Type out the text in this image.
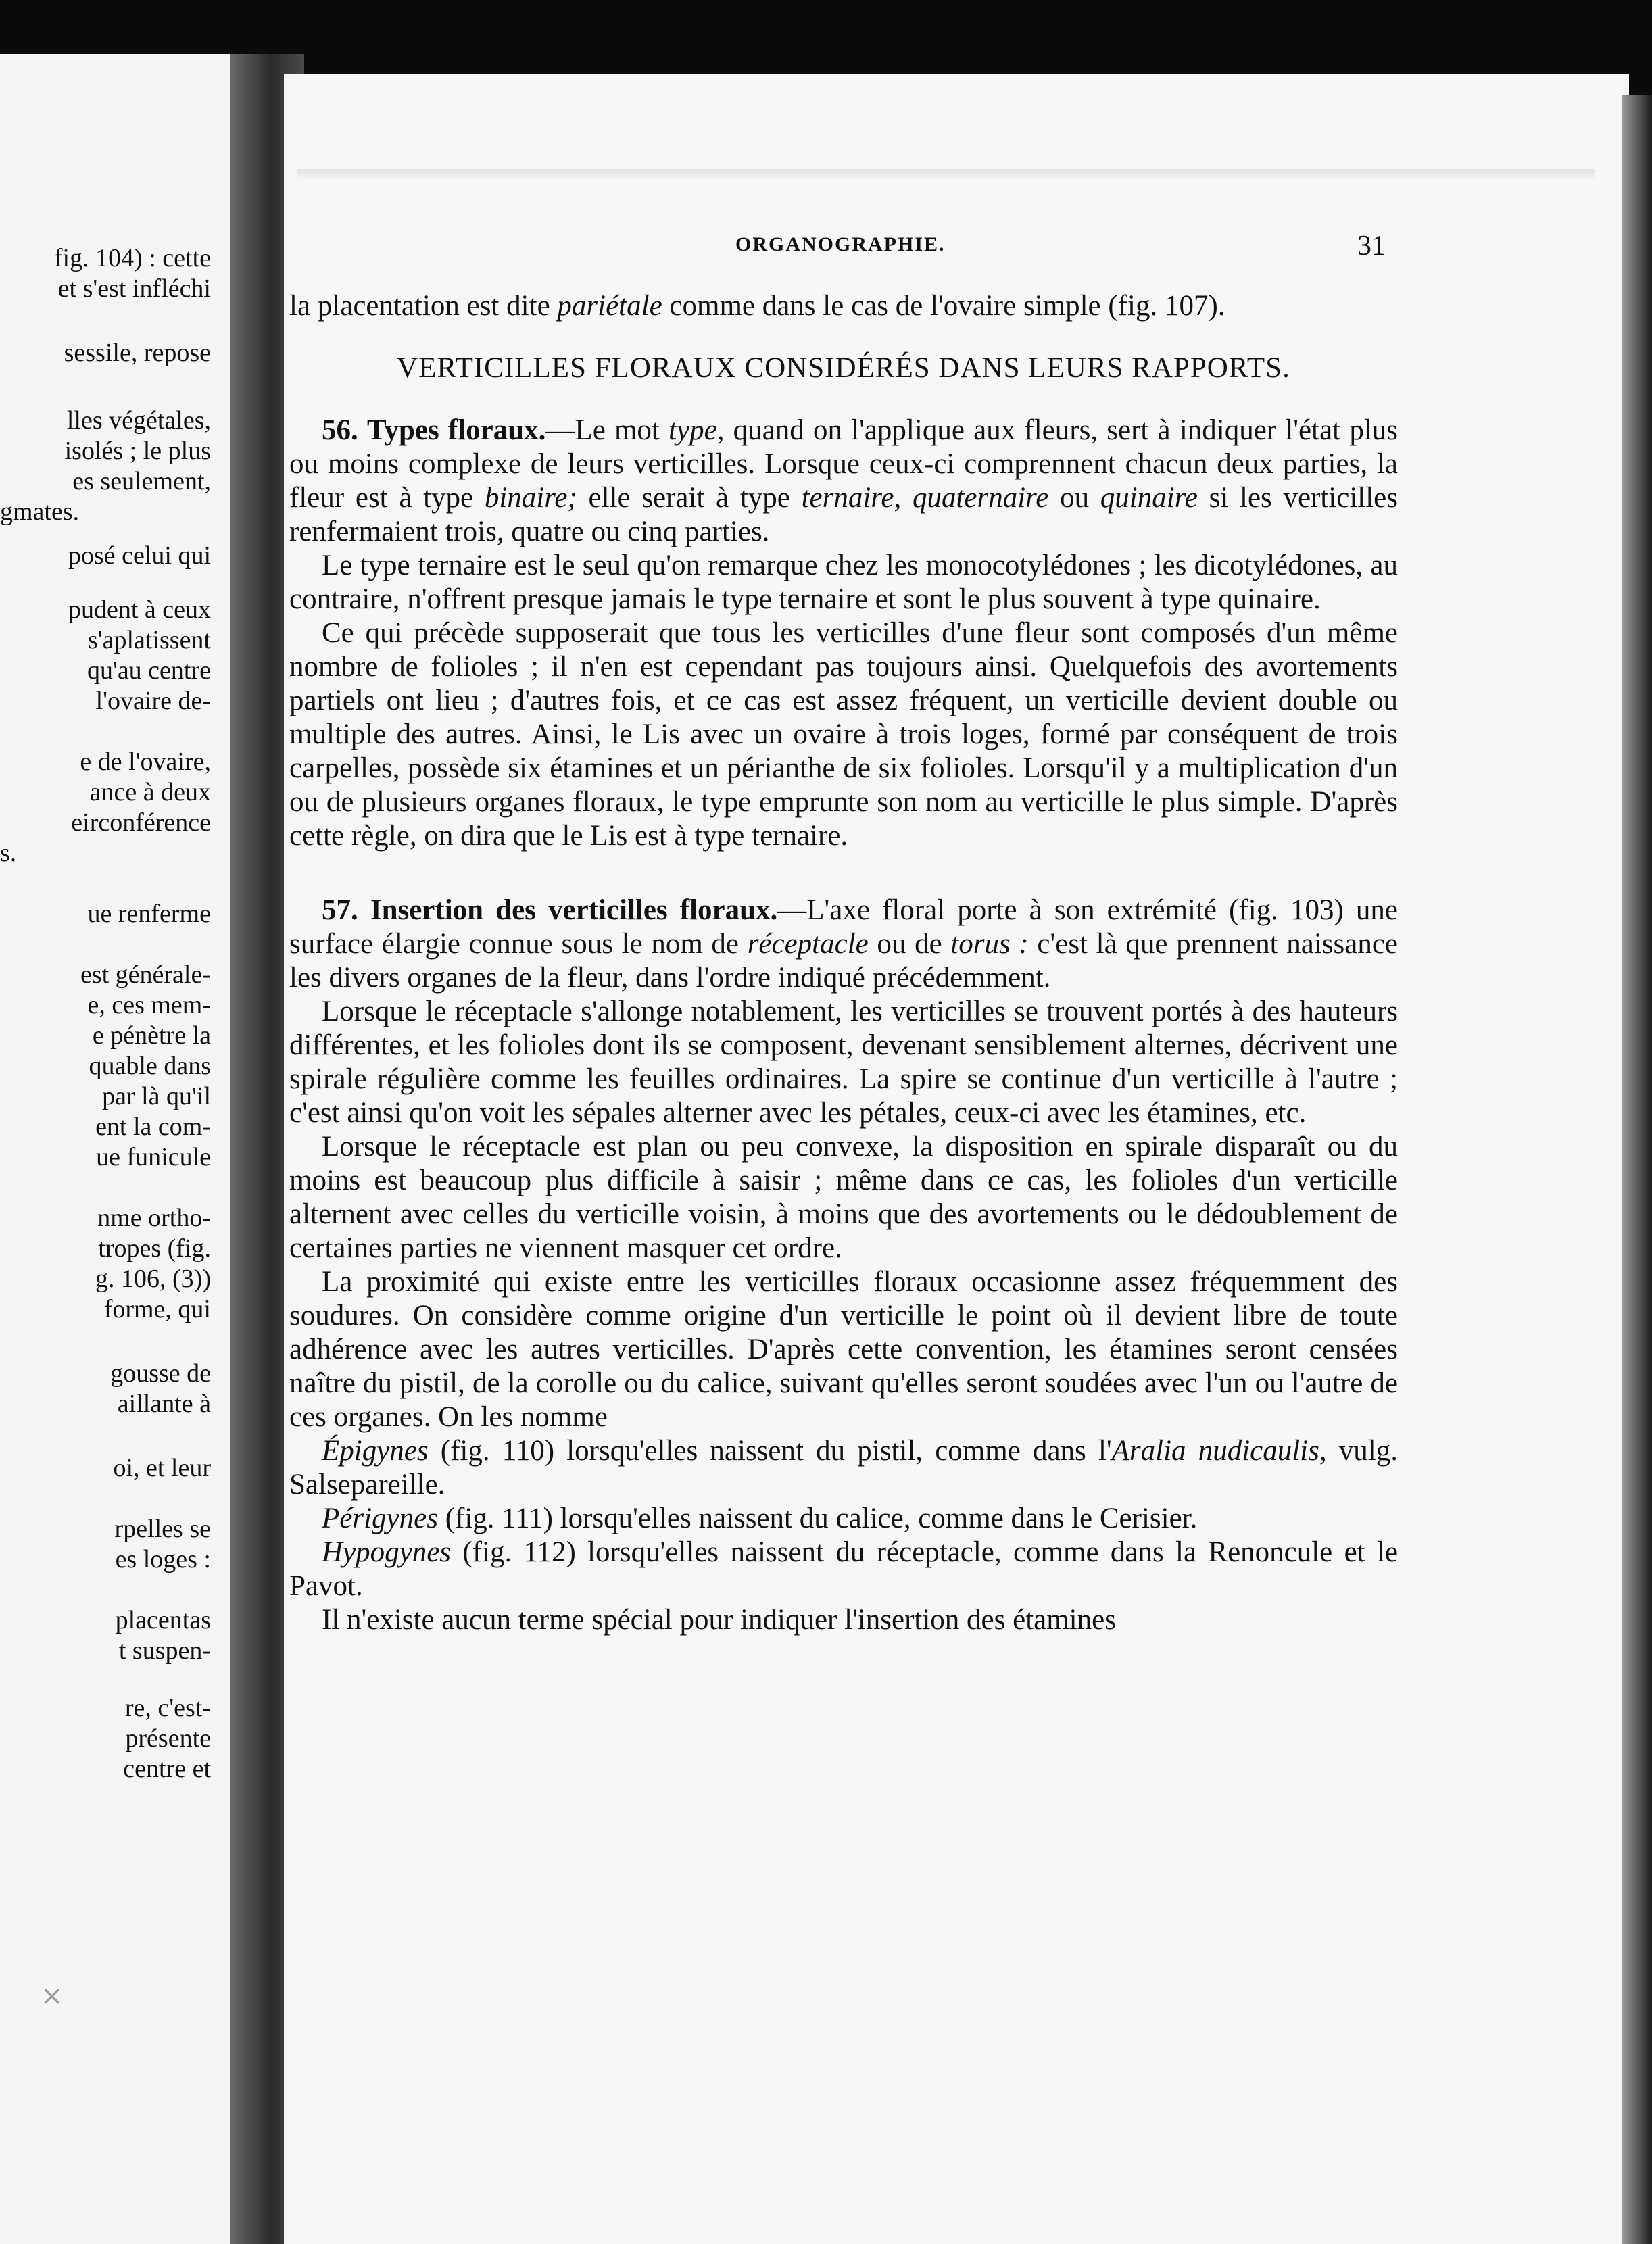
fig. 104) : cette
et s'est infléchi
sessile, repose
lles végétales,
isolés ; le plus
es seulement,
gmates.
posé celui qui
pudent à ceux
s'aplatissent
qu'au centre
l'ovaire de-
e de l'ovaire,
ance à deux
eirconférence
s.
ue renferme
est générale-
e, ces mem-
e pénètre la
quable dans
par là qu'il
ent la com-
ue funicule
nme ortho-
tropes (fig.
g. 106, (3))
forme, qui
gousse de
aillante à
oi, et leur
rpelles se
es loges :
placentas
t suspen-
re, c'est-
présente
centre et
×
ORGANOGRAPHIE.	31

la placentation est dite pariétale comme dans le cas de l'ovaire simple (fig. 107).

VERTICILLES FLORAUX CONSIDÉRÉS DANS LEURS RAPPORTS.

56. Types floraux.—Le mot type, quand on l'applique aux fleurs, sert à indiquer l'état plus ou moins complexe de leurs verticilles. Lorsque ceux-ci comprennent chacun deux parties, la fleur est à type binaire; elle serait à type ternaire, quaternaire ou quinaire si les verticilles renfermaient trois, quatre ou cinq parties.

Le type ternaire est le seul qu'on remarque chez les monocotylédones ; les dicotylédones, au contraire, n'offrent presque jamais le type ternaire et sont le plus souvent à type quinaire.

Ce qui précède supposerait que tous les verticilles d'une fleur sont composés d'un même nombre de folioles ; il n'en est cependant pas toujours ainsi. Quelquefois des avortements partiels ont lieu ; d'autres fois, et ce cas est assez fréquent, un verticille devient double ou multiple des autres. Ainsi, le Lis avec un ovaire à trois loges, formé par conséquent de trois carpelles, possède six étamines et un périanthe de six folioles. Lorsqu'il y a multiplication d'un ou de plusieurs organes floraux, le type emprunte son nom au verticille le plus simple. D'après cette règle, on dira que le Lis est à type ternaire.

57. Insertion des verticilles floraux.—L'axe floral porte à son extrémité (fig. 103) une surface élargie connue sous le nom de réceptacle ou de torus : c'est là que prennent naissance les divers organes de la fleur, dans l'ordre indiqué précédemment.

Lorsque le réceptacle s'allonge notablement, les verticilles se trouvent portés à des hauteurs différentes, et les folioles dont ils se composent, devenant sensiblement alternes, décrivent une spirale régulière comme les feuilles ordinaires. La spire se continue d'un verticille à l'autre ; c'est ainsi qu'on voit les sépales alterner avec les pétales, ceux-ci avec les étamines, etc.

Lorsque le réceptacle est plan ou peu convexe, la disposition en spirale disparaît ou du moins est beaucoup plus difficile à saisir ; même dans ce cas, les folioles d'un verticille alternent avec celles du verticille voisin, à moins que des avortements ou le dédoublement de certaines parties ne viennent masquer cet ordre.

La proximité qui existe entre les verticilles floraux occasionne assez fréquemment des soudures. On considère comme origine d'un verticille le point où il devient libre de toute adhérence avec les autres verticilles. D'après cette convention, les étamines seront censées naître du pistil, de la corolle ou du calice, suivant qu'elles seront soudées avec l'un ou l'autre de ces organes. On les nomme

Épigynes (fig. 110) lorsqu'elles naissent du pistil, comme dans l'Aralia nudicaulis, vulg. Salsepareille.

Périgynes (fig. 111) lorsqu'elles naissent du calice, comme dans le Cerisier.

Hypogynes (fig. 112) lorsqu'elles naissent du réceptacle, comme dans la Renoncule et le Pavot.

Il n'existe aucun terme spécial pour indiquer l'insertion des étamines
